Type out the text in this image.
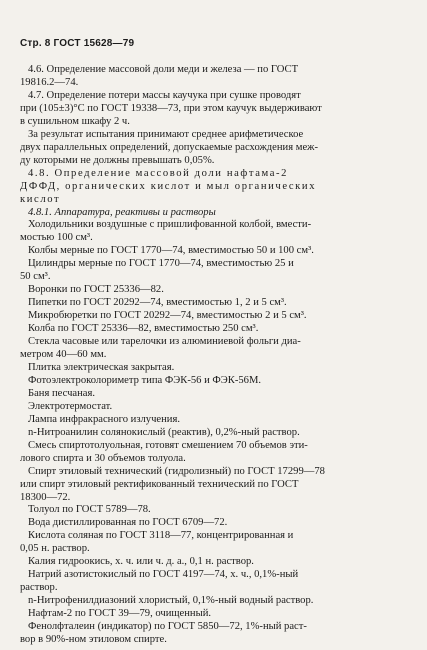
Стр. 8 ГОСТ 15628—79
4.6. Определение массовой доли меди и железа — по ГОСТ
19816.2—74.
4.7. Определение потери массы каучука при сушке проводят
при (105±3)°С по ГОСТ 19338—73, при этом каучук выдерживают
в сушильном шкафу 2 ч.
За результат испытания принимают среднее арифметическое
двух параллельных определений, допускаемые расхождения меж-
ду которыми не должны превышать 0,05%.
4.8. Определение массовой доли нафтама-2
ДФФД, органических кислот и мыл органических
кислот
4.8.1. Аппаратура, реактивы и растворы
Холодильники воздушные с пришлифованной колбой, вмести-
мостью 100 см³.
Колбы мерные по ГОСТ 1770—74, вместимостью 50 и 100 см³.
Цилиндры мерные по ГОСТ 1770—74, вместимостью 25 и
50 см³.
Воронки по ГОСТ 25336—82.
Пипетки по ГОСТ 20292—74, вместимостью 1, 2 и 5 см³.
Микробюретки по ГОСТ 20292—74, вместимостью 2 и 5 см³.
Колба по ГОСТ 25336—82, вместимостью 250 см³.
Стекла часовые или тарелочки из алюминиевой фольги диа-
метром 40—60 мм.
Плитка электрическая закрытая.
Фотоэлектроколориметр типа ФЭК-56 и ФЭК-56М.
Баня песчаная.
Электротермостат.
Лампа инфракрасного излучения.
n-Нитроанилин солянокислый (реактив), 0,2%-ный раствор.
Смесь спиртотолуольная, готовят смешением 70 объемов эти-
лового спирта и 30 объемов толуола.
Спирт этиловый технический (гидролизный) по ГОСТ 17299—78
или спирт этиловый ректификованный технический по ГОСТ
18300—72.
Толуол по ГОСТ 5789—78.
Вода дистиллированная по ГОСТ 6709—72.
Кислота соляная по ГОСТ 3118—77, концентрированная и
0,05 н. раствор.
Калия гидроокись, х. ч. или ч. д. а., 0,1 н. раствор.
Натрий азотистокислый по ГОСТ 4197—74, х. ч., 0,1%-ный
раствор.
n-Нитрофенилдиазоний хлористый, 0,1%-ный водный раствор.
Нафтам-2 по ГОСТ 39—79, очищенный.
Фенолфталеин (индикатор) по ГОСТ 5850—72, 1%-ный раст-
вор в 90%-ном этиловом спирте.
